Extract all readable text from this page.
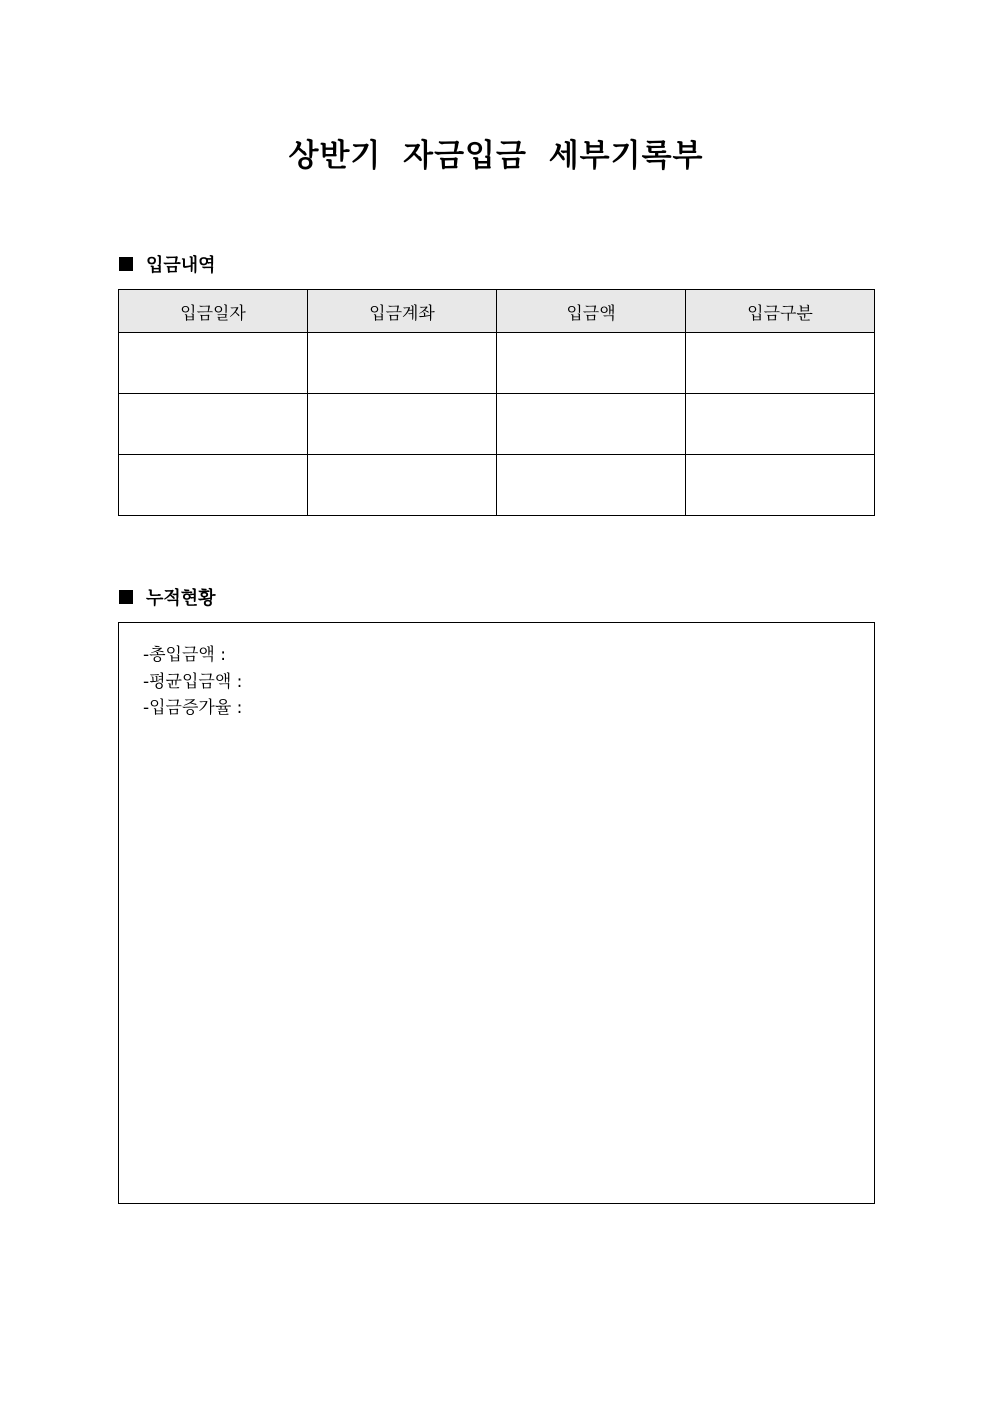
상반기 자금입금 세부기록부
입금내역
입금일자	입금계좌	입금액	입금구분

누적현황
-총입금액 :
-평균입금액 :
-입금증가율 :
